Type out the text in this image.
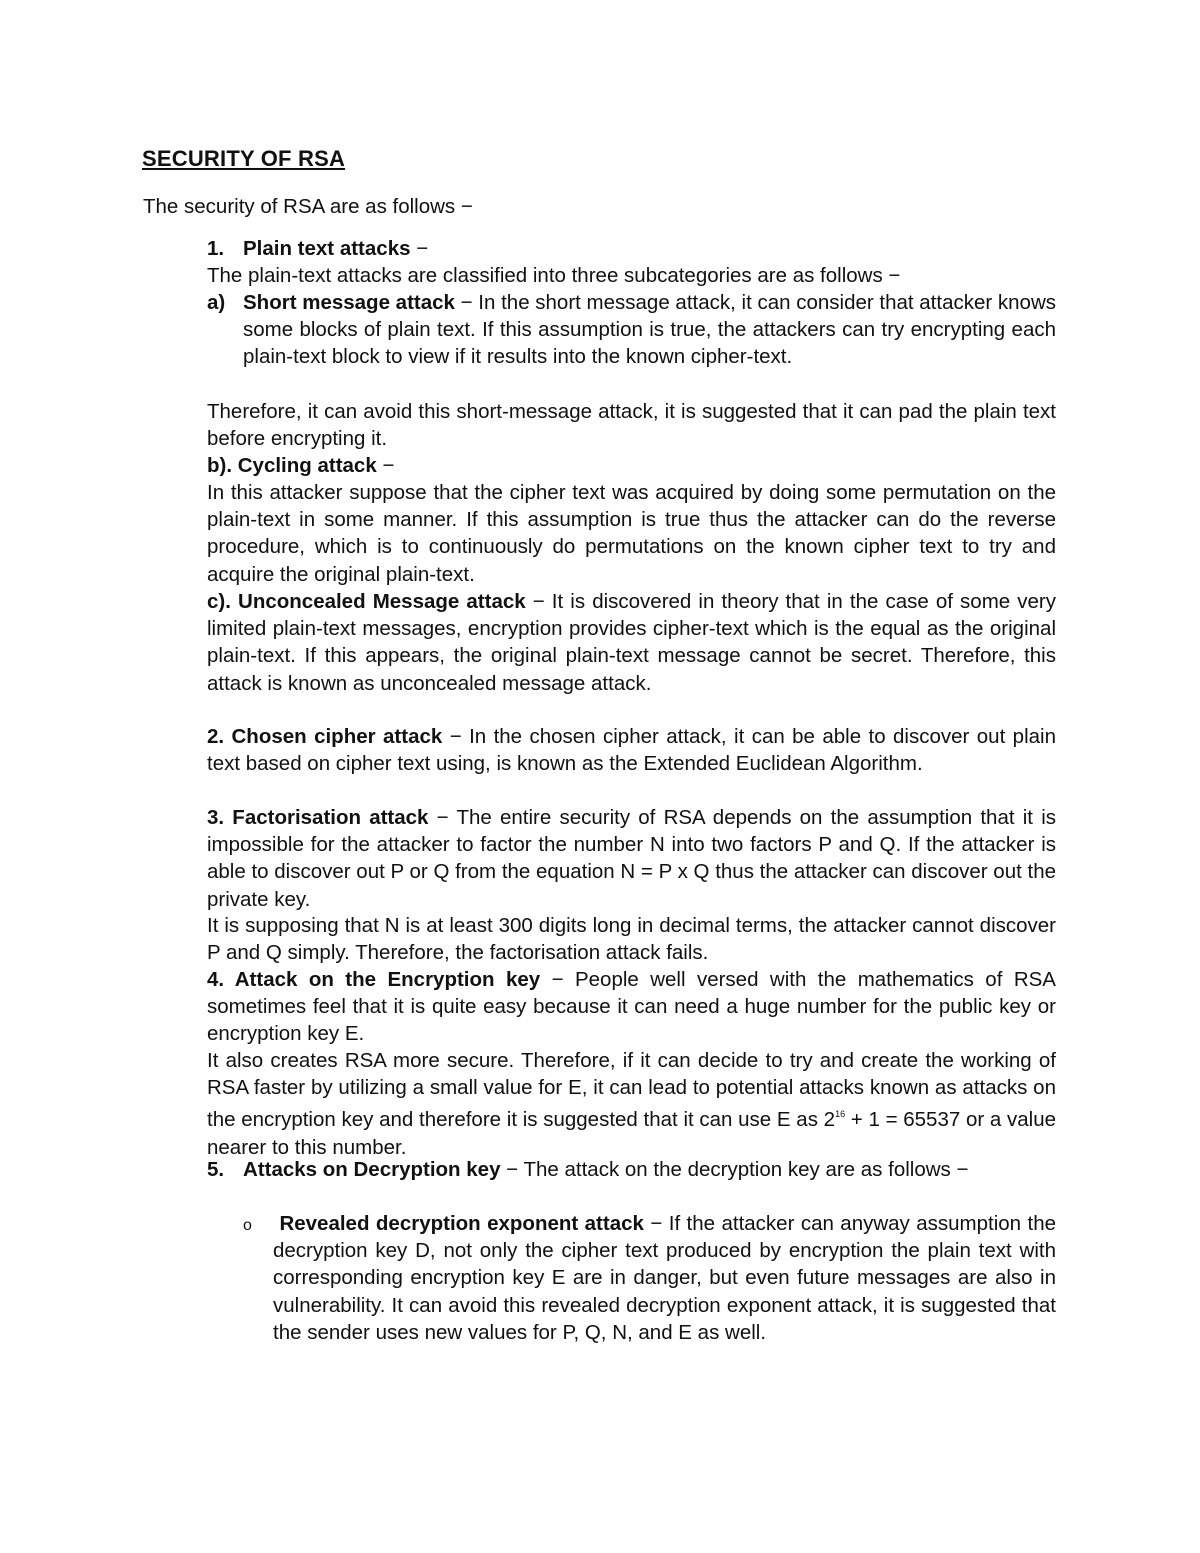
SECURITY OF RSA
The security of RSA are as follows −
1. Plain text attacks −
The plain-text attacks are classified into three subcategories are as follows −
a) Short message attack − In the short message attack, it can consider that attacker knows some blocks of plain text. If this assumption is true, the attackers can try encrypting each plain-text block to view if it results into the known cipher-text.
Therefore, it can avoid this short-message attack, it is suggested that it can pad the plain text before encrypting it.
b). Cycling attack −
In this attacker suppose that the cipher text was acquired by doing some permutation on the plain-text in some manner. If this assumption is true thus the attacker can do the reverse procedure, which is to continuously do permutations on the known cipher text to try and acquire the original plain-text.
c). Unconcealed Message attack − It is discovered in theory that in the case of some very limited plain-text messages, encryption provides cipher-text which is the equal as the original plain-text. If this appears, the original plain-text message cannot be secret. Therefore, this attack is known as unconcealed message attack.
2. Chosen cipher attack − In the chosen cipher attack, it can be able to discover out plain text based on cipher text using, is known as the Extended Euclidean Algorithm.
3. Factorisation attack − The entire security of RSA depends on the assumption that it is impossible for the attacker to factor the number N into two factors P and Q. If the attacker is able to discover out P or Q from the equation N = P x Q thus the attacker can discover out the private key.
It is supposing that N is at least 300 digits long in decimal terms, the attacker cannot discover P and Q simply. Therefore, the factorisation attack fails.
4. Attack on the Encryption key − People well versed with the mathematics of RSA sometimes feel that it is quite easy because it can need a huge number for the public key or encryption key E.
It also creates RSA more secure. Therefore, if it can decide to try and create the working of RSA faster by utilizing a small value for E, it can lead to potential attacks known as attacks on the encryption key and therefore it is suggested that it can use E as $2^{16} + 1 = 65537$ or a value nearer to this number.
5. Attacks on Decryption key − The attack on the decryption key are as follows −
o	Revealed decryption exponent attack − If the attacker can anyway assumption the decryption key D, not only the cipher text produced by encryption the plain text with corresponding encryption key E are in danger, but even future messages are also in vulnerability. It can avoid this revealed decryption exponent attack, it is suggested that the sender uses new values for P, Q, N, and E as well.
